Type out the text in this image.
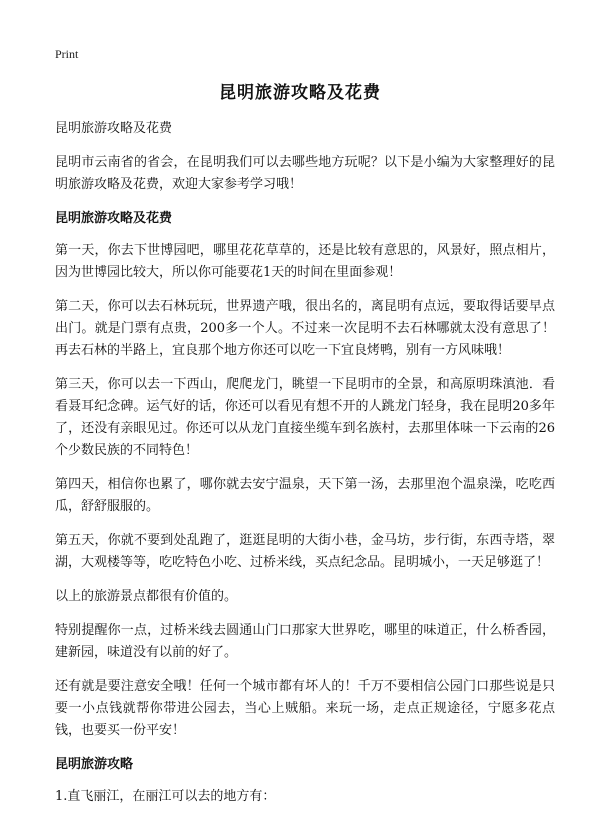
Print
昆明旅游攻略及花费

昆明旅游攻略及花费

昆明市云南省的省会，在昆明我们可以去哪些地方玩呢？以下是小编为大家整理好的昆明旅游攻略及花费，欢迎大家参考学习哦！

昆明旅游攻略及花费

第一天，你去下世博园吧，哪里花花草草的，还是比较有意思的，风景好，照点相片，因为世博园比较大，所以你可能要花1天的时间在里面参观！

第二天，你可以去石林玩玩，世界遗产哦，很出名的，离昆明有点远，要取得话要早点出门。就是门票有点贵，200多一个人。不过来一次昆明不去石林哪就太没有意思了！再去石林的半路上，宜良那个地方你还可以吃一下宜良烤鸭，别有一方风味哦！

第三天，你可以去一下西山，爬爬龙门，眺望一下昆明市的全景，和高原明珠滇池．看看聂耳纪念碑。运气好的话，你还可以看见有想不开的人跳龙门轻身，我在昆明20多年了，还没有亲眼见过。你还可以从龙门直接坐缆车到名族村，去那里体味一下云南的26个少数民族的不同特色！

第四天，相信你也累了，哪你就去安宁温泉，天下第一汤，去那里泡个温泉澡，吃吃西瓜，舒舒服服的。

第五天，你就不要到处乱跑了，逛逛昆明的大街小巷，金马坊，步行街，东西寺塔，翠湖，大观楼等等，吃吃特色小吃、过桥米线，买点纪念品。昆明城小，一天足够逛了！

以上的旅游景点都很有价值的。

特别提醒你一点，过桥米线去圆通山门口那家大世界吃，哪里的味道正，什么桥香园，建新园，味道没有以前的好了。

还有就是要注意安全哦！任何一个城市都有坏人的！千万不要相信公园门口那些说是只要一小点钱就帮你带进公园去，当心上贼船。来玩一场，走点正规途径，宁愿多花点钱，也要买一份平安！

昆明旅游攻略

1.直飞丽江，在丽江可以去的地方有：
